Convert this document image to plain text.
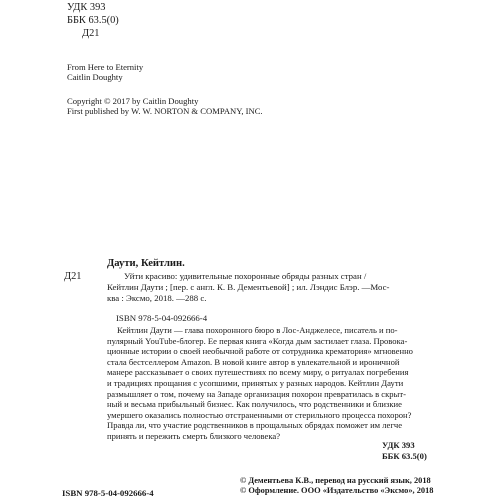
УДК 393
ББК 63.5(0)
Д21
From Here to Eternity
Caitlin Doughty
Copyright © 2017 by Caitlin Doughty
First published by W. W. NORTON & COMPANY, INC.
Даути, Кейтлин.
Д21	Уйти красиво: удивительные похоронные обряды разных стран /
Кейтлин Даути ; [пер. с англ. К. В. Дементьевой] ; ил. Лэндис Блэр. —Мос-
ква : Эксмо, 2018. —288 с.
ISBN 978-5-04-092666-4
Кейтлин Даути — глава похоронного бюро в Лос-Анджелесе, писатель и по-
пулярный YouTube-блогер. Ее первая книга «Когда дым застилает глаза. Провока-
ционные истории о своей необычной работе от сотрудника крематория» мгновенно
стала бестселлером Amazon. В новой книге автор в увлекательной и ироничной
манере рассказывает о своих путешествиях по всему миру, о ритуалах погребения
и традициях прощания с усопшими, принятых у разных народов. Кейтлин Даути
размышляет о том, почему на Западе организация похорон превратилась в скрыт-
ный и весьма прибыльный бизнес. Как получилось, что родственники и близкие
умершего оказались полностью отстраненными от стерильного процесса похорон?
Правда ли, что участие родственников в прощальных обрядах поможет им легче
принять и пережить смерть близкого человека?
УДК 393
ББК 63.5(0)
ISBN 978-5-04-092666-4
© Дементьева К.В., перевод на русский язык, 2018
© Оформление. ООО «Издательство «Эксмо», 2018
